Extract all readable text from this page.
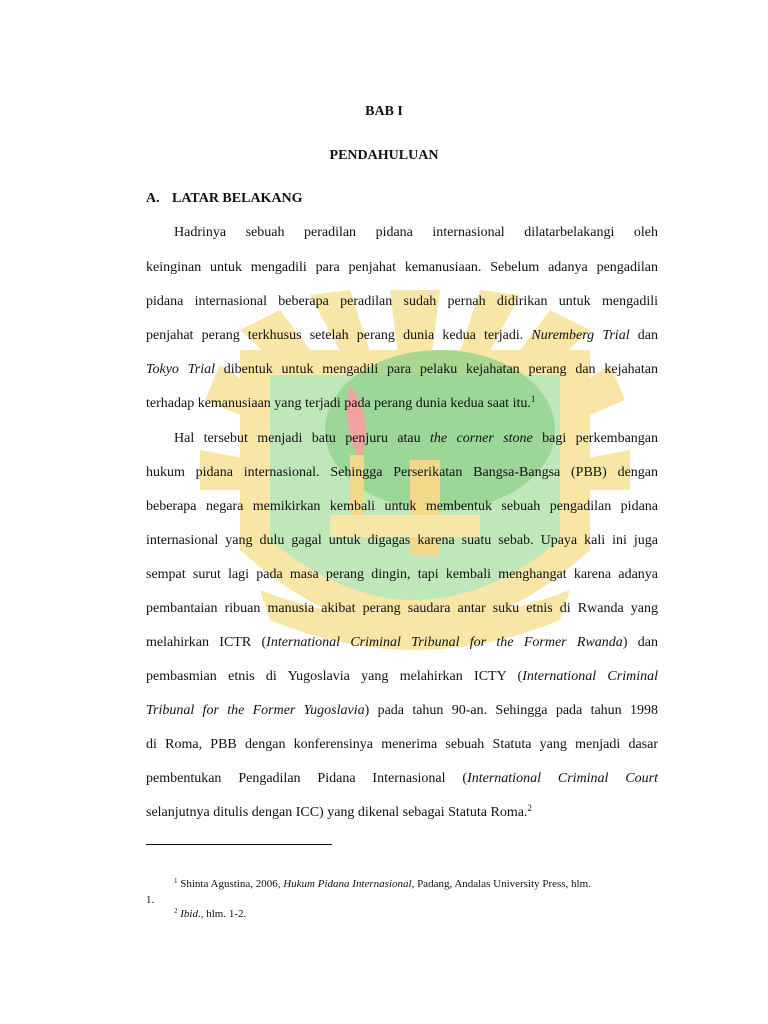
BAB I
PENDAHULUAN
A. LATAR BELAKANG
Hadrinya sebuah peradilan pidana internasional dilatarbelakangi oleh
keinginan untuk mengadili para penjahat kemanusiaan. Sebelum adanya pengadilan
pidana internasional beberapa peradilan sudah pernah didirikan untuk mengadili
penjahat perang terkhusus setelah perang dunia kedua terjadi. Nuremberg Trial dan
Tokyo Trial dibentuk untuk mengadili para pelaku kejahatan perang dan kejahatan
terhadap kemanusiaan yang terjadi pada perang dunia kedua saat itu.$^1$
Hal tersebut menjadi batu penjuru atau the corner stone bagi perkembangan
hukum pidana internasional. Sehingga Perserikatan Bangsa-Bangsa (PBB) dengan
beberapa negara memikirkan kembali untuk membentuk sebuah pengadilan pidana
internasional yang dulu gagal untuk digagas karena suatu sebab. Upaya kali ini juga
sempat surut lagi pada masa perang dingin, tapi kembali menghangat karena adanya
pembantaian ribuan manusia akibat perang saudara antar suku etnis di Rwanda yang
melahirkan ICTR (International Criminal Tribunal for the Former Rwanda) dan
pembasmian etnis di Yugoslavia yang melahirkan ICTY (International Criminal
Tribunal for the Former Yugoslavia) pada tahun 90-an. Sehingga pada tahun 1998
di Roma, PBB dengan konferensinya menerima sebuah Statuta yang menjadi dasar
pembentukan Pengadilan Pidana Internasional (International Criminal Court
selanjutnya ditulis dengan ICC) yang dikenal sebagai Statuta Roma.$^2$
$^1$ Shinta Agustina, 2006, Hukum Pidana Internasional, Padang, Andalas University Press, hlm.
1.
$^2$ Ibid., hlm. 1-2.
